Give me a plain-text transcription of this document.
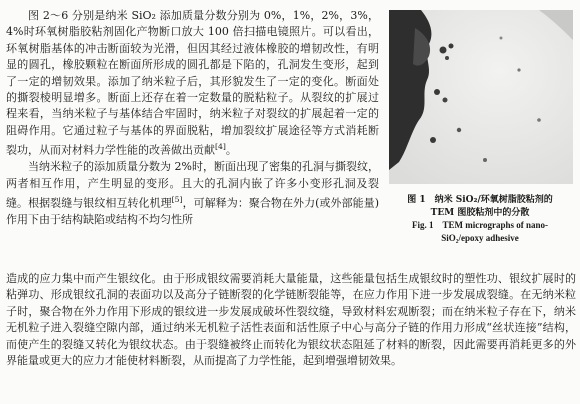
图 2～6 分别是纳米 SiO₂ 添加质量分数分别为 0%，1%，2%，3%，4%时环氧树脂胶粘剂固化产物断口放大 100 倍扫描电镜照片。可以看出，环氧树脂基体的冲击断面较为光滑，但因其经过液体橡胶的增韧改性，有明显的圆孔，橡胶颗粒在断面所形成的圆孔都是下陷的，孔洞发生变形，起到了一定的增韧效果。添加了纳米粒子后，其形貌发生了一定的变化。断面处的撕裂棱明显增多。断面上还存在着一定数量的脱粘粒子。从裂纹的扩展过程来看，当纳米粒子与基体结合牢固时，纳米粒子对裂纹的扩展起着一定的阻碍作用。它通过粒子与基体的界面脱粘，增加裂纹扩展途径等方式消耗断裂功，从而对材料力学性能的改善做出贡献[4]。

当纳米粒子的添加质量分数为 2%时，断面出现了密集的孔洞与撕裂纹，两者相互作用，产生明显的变形。且大的孔洞内嵌了许多小变形孔洞及裂缝。根据裂缝与银纹相互转化机理[5]，可解释为：聚合物在外力(或外部能量)作用下由于结构缺陷或结构不均匀性所

造成的应力集中而产生银纹化。由于形成银纹需要消耗大量能量，这些能量包括生成银纹时的塑性功、银纹扩展时的粘弹功、形成银纹孔洞的表面功以及高分子链断裂的化学链断裂能等，在应力作用下进一步发展成裂缝。在无纳米粒子时，聚合物在外力作用下形成的银纹进一步发展成破坏性裂纹缝，导致材料宏观断裂；而在纳米粒子存在下，纳米无机粒子进入裂缝空隙内部，通过纳米无机粒子活性表面和活性原子中心与高分子链的作用力形成“丝状连接”结构，而使产生的裂缝又转化为银纹状态。由于裂缝被终止而转化为银纹状态阻延了材料的断裂，因此需要再消耗更多的外界能量或更大的应力才能使材料断裂，从而提高了力学性能，起到增强增韧效果。

图 1　纳米 SiO₂/环氧树脂胶粘剂的
TEM 图胶粘剂中的分散
Fig. 1　TEM micrographs of nano-
SiO₂/epoxy adhesive
